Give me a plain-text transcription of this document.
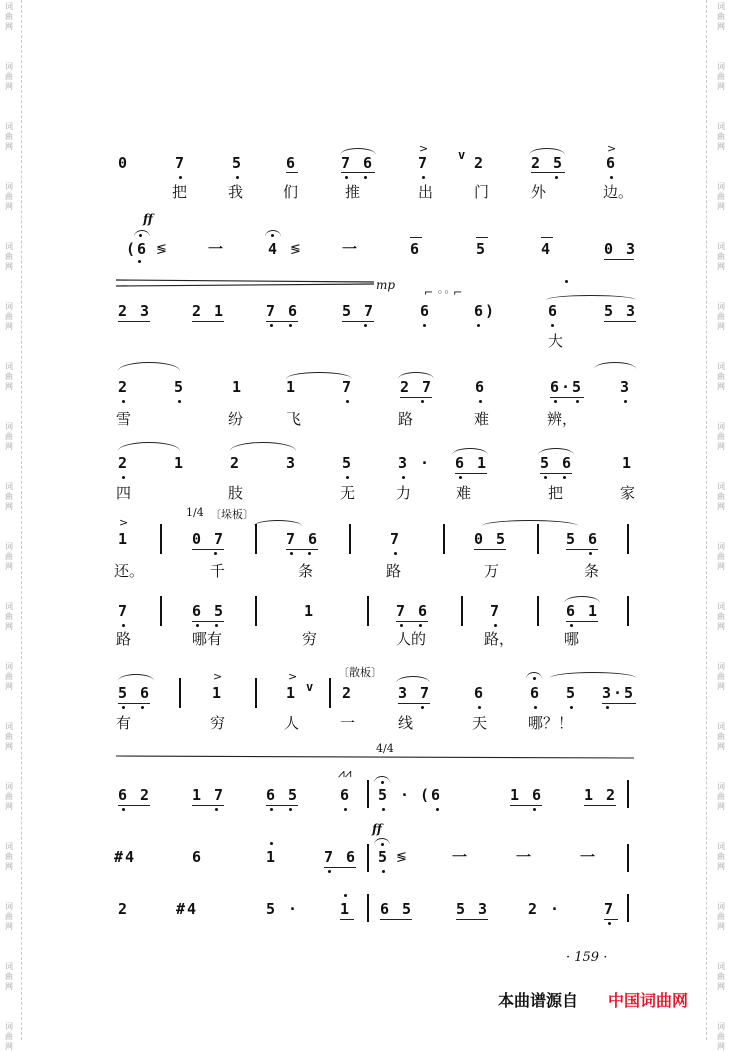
词
曲
网
词
曲
网
词
曲
网
词
曲
网
词
曲
网
词
曲
网
词
曲
网
词
曲
网
词
曲
网
词
曲
网
词
曲
网
词
曲
网
词
曲
网
词
曲
网
词
曲
网
词
曲
网
词
曲
网
词
曲
网
词
曲
网
词
曲
网
词
曲
网
词
曲
网
词
曲
网
词
曲
网
词
曲
网
词
曲
网
词
曲
网
词
曲
网
词
曲
网
词
曲
网
词
曲
网
词
曲
网
词
曲
网
词
曲
网
词
曲
网
词
曲
网
0	7	5	6	7 6	7 v 2	2 5	6
>	>
把	我	们	推	出	门	外	边。
ff
(6 ≶	一	4 ≶	一	6	5	4	0 3
mp
2 3	2 1	7 6	5 7	6	6)	6	5 3
⌐ ◦◦ ⌐
大
2	5	1	1	7	2 7	6	6·5 3
雪	纷	飞	路	难	辨，
2	1	2	3	5	3 · 6 1	5 6	1
四	肢	无	力	难	把	家
1/4 〔垛板〕
>
1	0 7	7 6	7	0 5	5 6
还。	千	条	路	万	条
7	6 5	1	7 6	7	6 1
路	哪有	穷	人的	路，	哪
〔散板〕
>	>
5 6	1	1 v 2	3 7	6	6 5 3·5
有	穷	人	一	线	天	哪？！
4/4
6 2	1 7	6 5	6
⩘⩘
5 · (6	1 6	1 2
ff
#4	6	1	7 6 5 ≶	一	一	一
2	#4	5 ·	1 6 5	5 3	2 ·	7
· 159 ·
本曲谱源自 中国词曲网
